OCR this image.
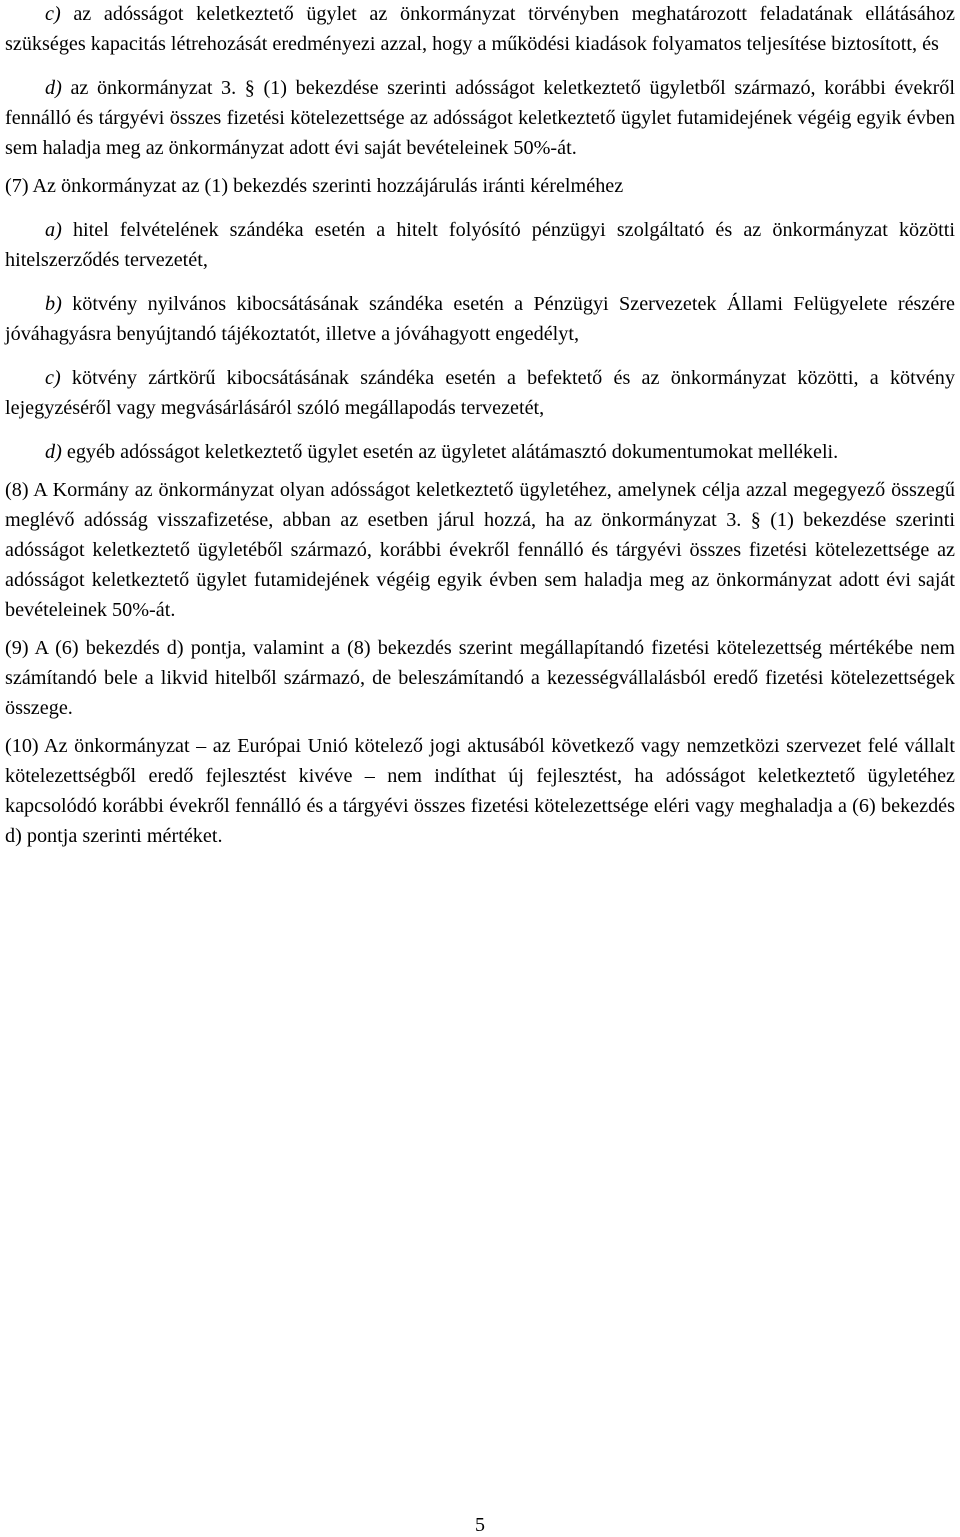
c) az adósságot keletkeztető ügylet az önkormányzat törvényben meghatározott feladatának ellátásához szükséges kapacitás létrehozását eredményezi azzal, hogy a működési kiadások folyamatos teljesítése biztosított, és

d) az önkormányzat 3. § (1) bekezdése szerinti adósságot keletkeztető ügyletből származó, korábbi évekről fennálló és tárgyévi összes fizetési kötelezettsége az adósságot keletkeztető ügylet futamidejének végéig egyik évben sem haladja meg az önkormányzat adott évi saját bevételeinek 50%-át.

(7) Az önkormányzat az (1) bekezdés szerinti hozzájárulás iránti kérelméhez

a) hitel felvételének szándéka esetén a hitelt folyósító pénzügyi szolgáltató és az önkormányzat közötti hitelszerződés tervezetét,

b) kötvény nyilvános kibocsátásának szándéka esetén a Pénzügyi Szervezetek Állami Felügyelete részére jóváhagyásra benyújtandó tájékoztatót, illetve a jóváhagyott engedélyt,

c) kötvény zártkörű kibocsátásának szándéka esetén a befektető és az önkormányzat közötti, a kötvény lejegyzéséről vagy megvásárlásáról szóló megállapodás tervezetét,

d) egyéb adósságot keletkeztető ügylet esetén az ügyletet alátámasztó dokumentumokat mellékeli.

(8) A Kormány az önkormányzat olyan adósságot keletkeztető ügyletéhez, amelynek célja azzal megegyező összegű meglévő adósság visszafizetése, abban az esetben járul hozzá, ha az önkormányzat 3. § (1) bekezdése szerinti adósságot keletkeztető ügyletéből származó, korábbi évekről fennálló és tárgyévi összes fizetési kötelezettsége az adósságot keletkeztető ügylet futamidejének végéig egyik évben sem haladja meg az önkormányzat adott évi saját bevételeinek 50%-át.

(9) A (6) bekezdés d) pontja, valamint a (8) bekezdés szerint megállapítandó fizetési kötelezettség mértékébe nem számítandó bele a likvid hitelből származó, de beleszámítandó a kezességvállalásból eredő fizetési kötelezettségek összege.

(10) Az önkormányzat – az Európai Unió kötelező jogi aktusából következő vagy nemzetközi szervezet felé vállalt kötelezettségből eredő fejlesztést kivéve – nem indíthat új fejlesztést, ha adósságot keletkeztető ügyletéhez kapcsolódó korábbi évekről fennálló és a tárgyévi összes fizetési kötelezettsége eléri vagy meghaladja a (6) bekezdés d) pontja szerinti mértéket.

5
